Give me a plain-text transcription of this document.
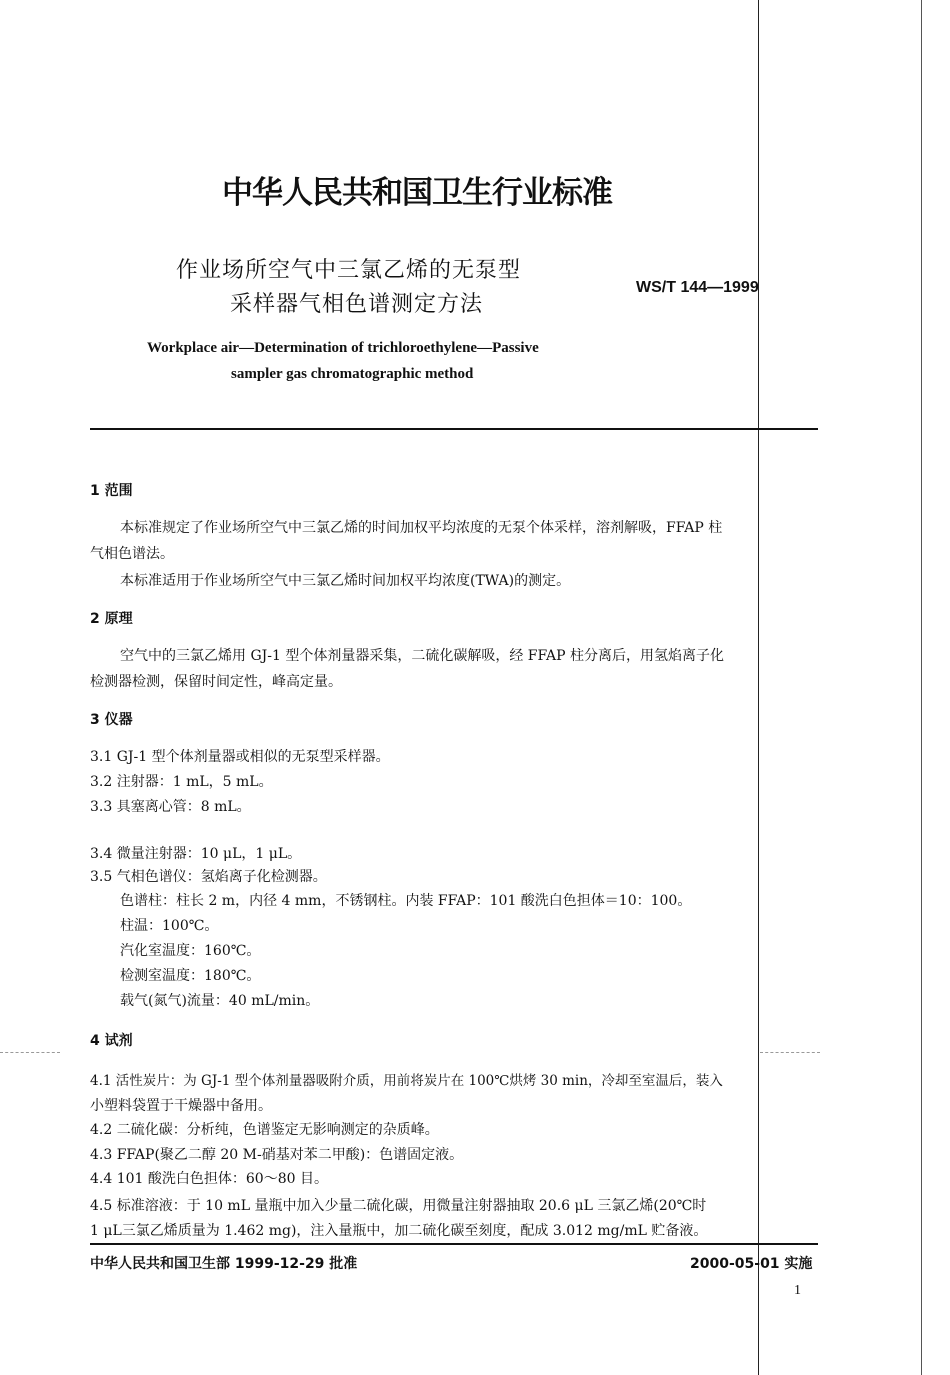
中华人民共和国卫生行业标准
作业场所空气中三氯乙烯的无泵型
采样器气相色谱测定方法
WS/T 144—1999
Workplace air—Determination of trichloroethylene—Passive
sampler gas chromatographic method
1 范围
本标准规定了作业场所空气中三氯乙烯的时间加权平均浓度的无泵个体采样，溶剂解吸，FFAP 柱
气相色谱法。
本标准适用于作业场所空气中三氯乙烯时间加权平均浓度(TWA)的测定。
2 原理
空气中的三氯乙烯用 GJ-1 型个体剂量器采集，二硫化碳解吸，经 FFAP 柱分离后，用氢焰离子化
检测器检测，保留时间定性，峰高定量。
3 仪器
3.1 GJ-1 型个体剂量器或相似的无泵型采样器。
3.2 注射器：1 mL，5 mL。
3.3 具塞离心管：8 mL。
3.4 微量注射器：10 μL，1 μL。
3.5 气相色谱仪：氢焰离子化检测器。
色谱柱：柱长 2 m，内径 4 mm，不锈钢柱。内装 FFAP：101 酸洗白色担体＝10：100。
柱温：100℃。
汽化室温度：160℃。
检测室温度：180℃。
载气(氮气)流量：40 mL/min。
4 试剂
4.1 活性炭片：为 GJ-1 型个体剂量器吸附介质，用前将炭片在 100℃烘烤 30 min，冷却至室温后，装入
小塑料袋置于干燥器中备用。
4.2 二硫化碳：分析纯，色谱鉴定无影响测定的杂质峰。
4.3 FFAP(聚乙二醇 20 M-硝基对苯二甲酸)：色谱固定液。
4.4 101 酸洗白色担体：60～80 目。
4.5 标准溶液：于 10 mL 量瓶中加入少量二硫化碳，用微量注射器抽取 20.6 μL 三氯乙烯(20℃时
1 μL三氯乙烯质量为 1.462 mg)，注入量瓶中，加二硫化碳至刻度，配成 3.012 mg/mL 贮备液。
中华人民共和国卫生部 1999-12-29 批准	2000-05-01 实施
1
